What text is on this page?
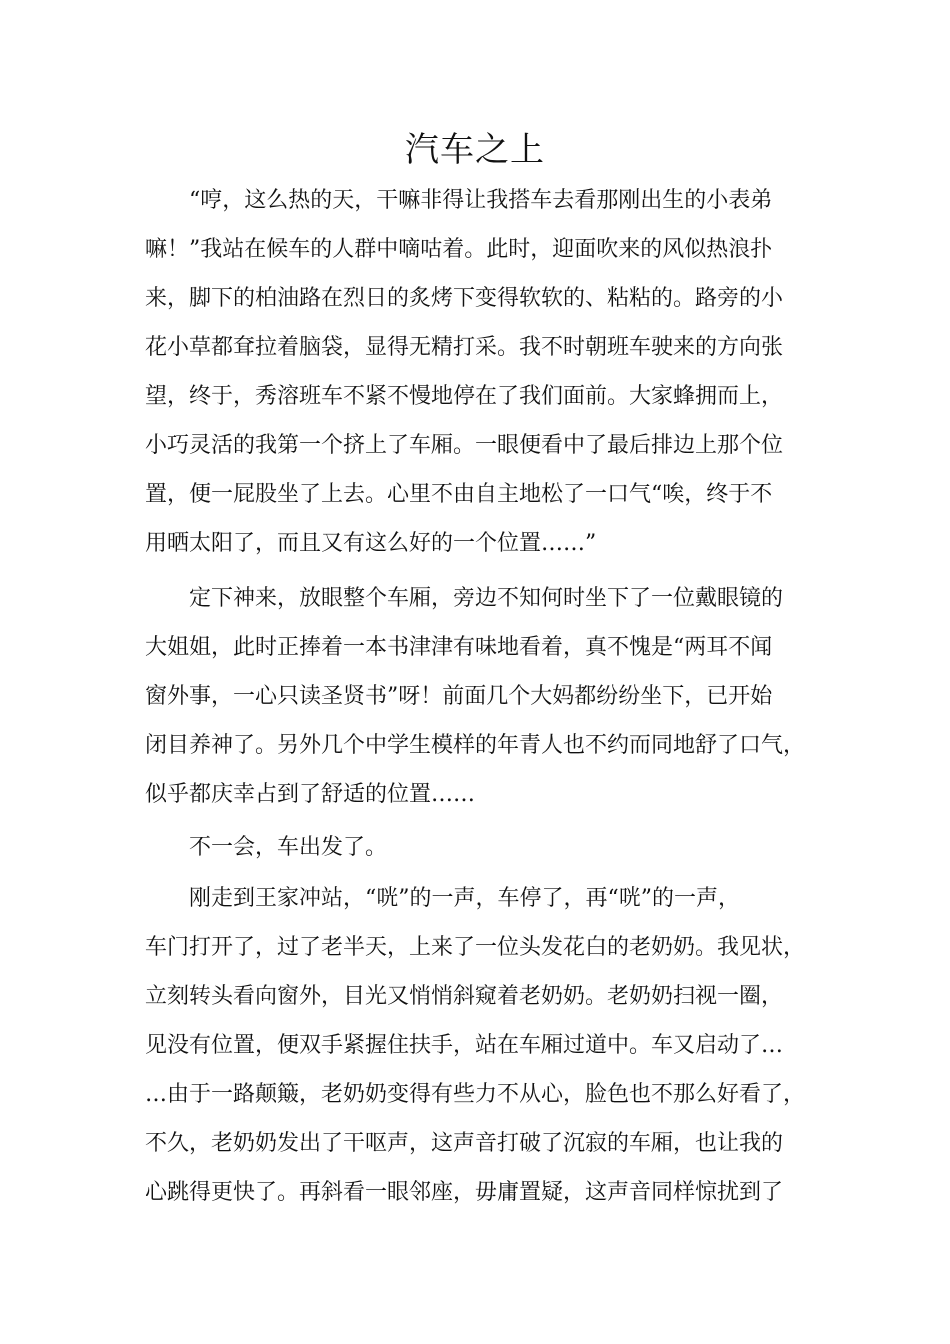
汽车之上
“哼，这么热的天，干嘛非得让我搭车去看那刚出生的小表弟
嘛！”我站在候车的人群中嘀咕着。此时，迎面吹来的风似热浪扑
来，脚下的柏油路在烈日的炙烤下变得软软的、粘粘的。路旁的小
花小草都耷拉着脑袋，显得无精打采。我不时朝班车驶来的方向张
望，终于，秀溶班车不紧不慢地停在了我们面前。大家蜂拥而上，
小巧灵活的我第一个挤上了车厢。一眼便看中了最后排边上那个位
置，便一屁股坐了上去。心里不由自主地松了一口气“唉，终于不
用晒太阳了，而且又有这么好的一个位置……”
定下神来，放眼整个车厢，旁边不知何时坐下了一位戴眼镜的
大姐姐，此时正捧着一本书津津有味地看着，真不愧是“两耳不闻
窗外事，一心只读圣贤书”呀！前面几个大妈都纷纷坐下，已开始
闭目养神了。另外几个中学生模样的年青人也不约而同地舒了口气，
似乎都庆幸占到了舒适的位置……
不一会，车出发了。
刚走到王家冲站，“咣”的一声，车停了，再“咣”的一声，
车门打开了，过了老半天，上来了一位头发花白的老奶奶。我见状，
立刻转头看向窗外，目光又悄悄斜窥着老奶奶。老奶奶扫视一圈，
见没有位置，便双手紧握住扶手，站在车厢过道中。车又启动了…
…由于一路颠簸，老奶奶变得有些力不从心，脸色也不那么好看了，
不久，老奶奶发出了干呕声，这声音打破了沉寂的车厢，也让我的
心跳得更快了。再斜看一眼邻座，毋庸置疑，这声音同样惊扰到了
